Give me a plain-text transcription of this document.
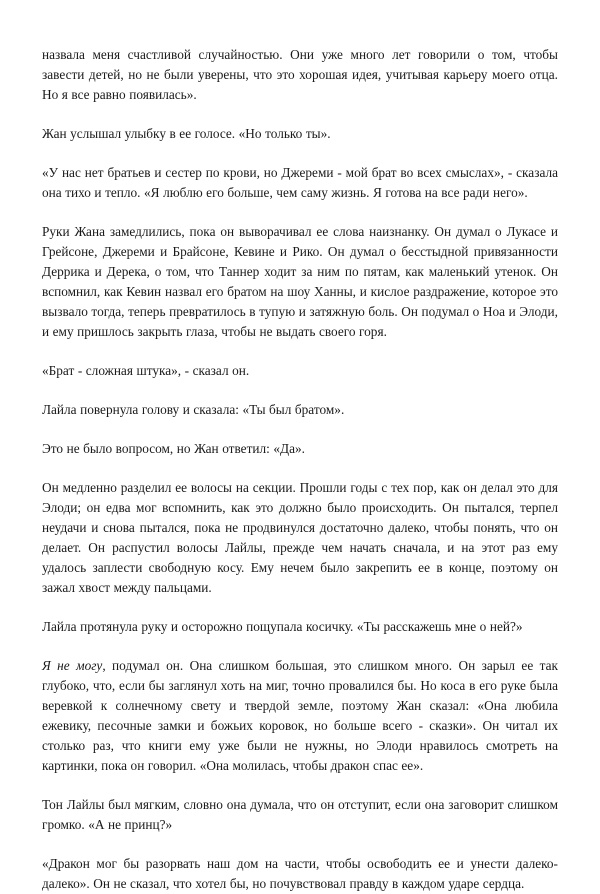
назвала меня счастливой случайностью. Они уже много лет говорили о том, чтобы завести детей, но не были уверены, что это хорошая идея, учитывая карьеру моего отца. Но я все равно появилась».

Жан услышал улыбку в ее голосе. «Но только ты».

«У нас нет братьев и сестер по крови, но Джереми - мой брат во всех смыслах», - сказала она тихо и тепло. «Я люблю его больше, чем саму жизнь. Я готова на все ради него».

Руки Жана замедлились, пока он выворачивал ее слова наизнанку. Он думал о Лукасе и Грейсоне, Джереми и Брайсоне, Кевине и Рико. Он думал о бесстыдной привязанности Деррика и Дерека, о том, что Таннер ходит за ним по пятам, как маленький утенок. Он вспомнил, как Кевин назвал его братом на шоу Ханны, и кислое раздражение, которое это вызвало тогда, теперь превратилось в тупую и затяжную боль. Он подумал о Ноа и Элоди, и ему пришлось закрыть глаза, чтобы не выдать своего горя.

«Брат - сложная штука», - сказал он.

Лайла повернула голову и сказала: «Ты был братом».

Это не было вопросом, но Жан ответил: «Да».

Он медленно разделил ее волосы на секции. Прошли годы с тех пор, как он делал это для Элоди; он едва мог вспомнить, как это должно было происходить. Он пытался, терпел неудачи и снова пытался, пока не продвинулся достаточно далеко, чтобы понять, что он делает. Он распустил волосы Лайлы, прежде чем начать сначала, и на этот раз ему удалось заплести свободную косу. Ему нечем было закрепить ее в конце, поэтому он зажал хвост между пальцами.

Лайла протянула руку и осторожно пощупала косичку. «Ты расскажешь мне о ней?»

Я не могу, подумал он. Она слишком большая, это слишком много. Он зарыл ее так глубоко, что, если бы заглянул хоть на миг, точно провалился бы. Но коса в его руке была веревкой к солнечному свету и твердой земле, поэтому Жан сказал: «Она любила ежевику, песочные замки и божьих коровок, но больше всего - сказки». Он читал их столько раз, что книги ему уже были не нужны, но Элоди нравилось смотреть на картинки, пока он говорил. «Она молилась, чтобы дракон спас ее».

Тон Лайлы был мягким, словно она думала, что он отступит, если она заговорит слишком громко. «А не принц?»

«Дракон мог бы разорвать наш дом на части, чтобы освободить ее и унести далеко-далеко». Он не сказал, что хотел бы, но почувствовал правду в каждом ударе сердца.
